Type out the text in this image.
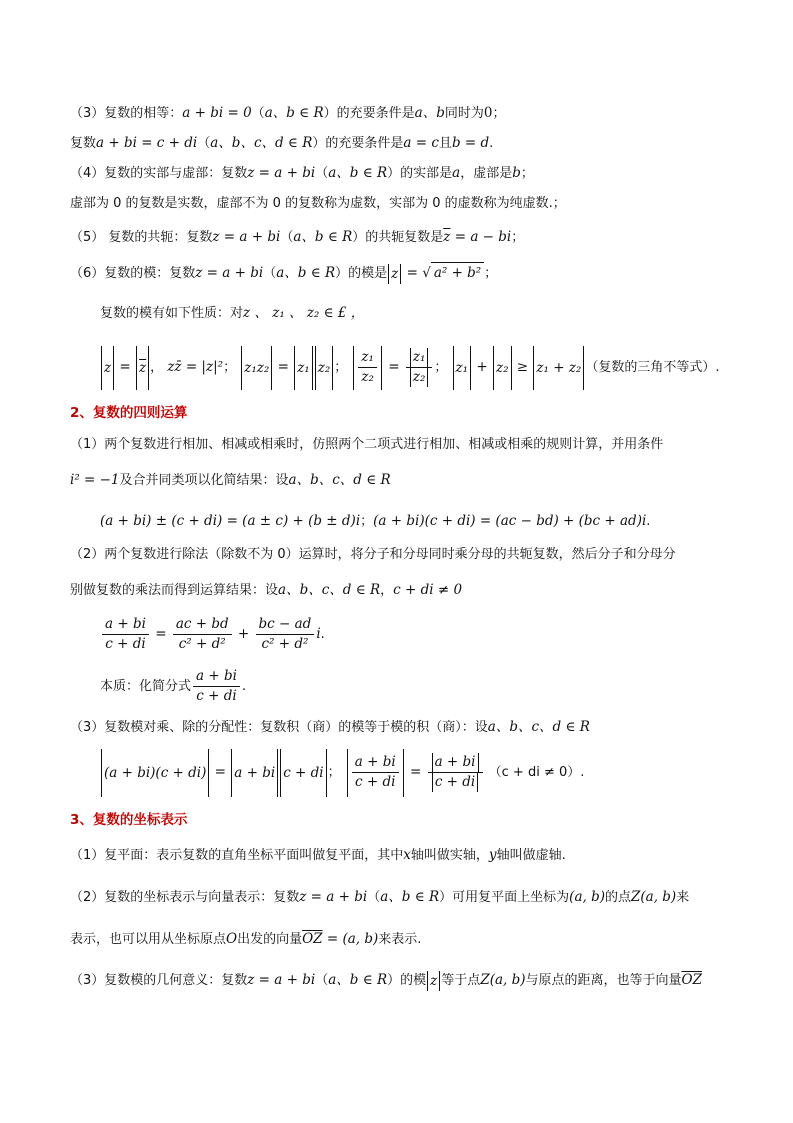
（3）复数的相等：a + bi = 0（a、b ∈ R）的充要条件是a、b同时为0；
复数a + bi = c + di（a、b、c、d ∈ R）的充要条件是a = c且b = d.
（4）复数的实部与虚部：复数z = a + bi（a、b ∈ R）的实部是a，虚部是b；
虚部为 0 的复数是实数，虚部不为 0 的复数称为虚数，实部为 0 的虚数称为纯虚数.；
（5） 复数的共轭：复数z = a + bi（a、b ∈ R）的共轭复数是$\overline{z} = a$ − bi；
（6）复数的模：复数z = a + bi（a、b ∈ R）的模是 z = √ a² + b² ；
复数的模有如下性质：对z 、 z₁ 、 z₂ ∈ £ ，
$z = \overline{z}$ ， zz̄ = |z|²； z₁z₂ = z₁ z₂ ； $\frac{\text{z₁}}{\text{z₂}} = \frac{\text{z₁}}{\text{z₂}}$ ； z₁ + z₂ ≥ z₁ + z₂ （复数的三角不等式）.
2、复数的四则运算
（1）两个复数进行相加、相减或相乘时，仿照两个二项式进行相加、相减或相乘的规则计算，并用条件
i² = −1及合并同类项以化简结果：设a、b、c、d ∈ R
(a + bi) ± (c + di) = (a ± c) + (b ± d)i；(a + bi)(c + di) = (ac − bd) + (bc + ad)i.
（2）两个复数进行除法（除数不为 0）运算时，将分子和分母同时乘分母的共轭复数，然后分子和分母分
别做复数的乘法而得到运算结果：设a、b、c、d ∈ R，c + di ≠ 0
$\frac{a + bi}{c + di} = \frac{ac + bd}{\text{c² + d²}} + \frac{bc - ad}{\text{c² + d²}} i$.
本质：化简分式 $\frac{a + bi}{c + di}$ .
（3）复数模对乘、除的分配性：复数积（商）的模等于模的积（商）：设a、b、c、d ∈ R
(a + bi)(c + di) = a + bi c + di ； $\frac{a + bi}{c + di} = \frac{a + bi}{c + di} (c$ + di ≠ 0）.
3、复数的坐标表示
（1）复平面：表示复数的直角坐标平面叫做复平面，其中x轴叫做实轴，y轴叫做虚轴.
（2）复数的坐标表示与向量表示：复数z = a + bi（a、b ∈ R）可用复平面上坐标为(a, b)的点Z(a, b)来
表示，也可以用从坐标原点O出发的向量$\overline{OZ} = (a$, b)来表示.
（3）复数模的几何意义：复数z = a + bi（a、b ∈ R）的模 z 等于点Z(a, b)与原点的距离，也等于向量$\overline{OZ}$
